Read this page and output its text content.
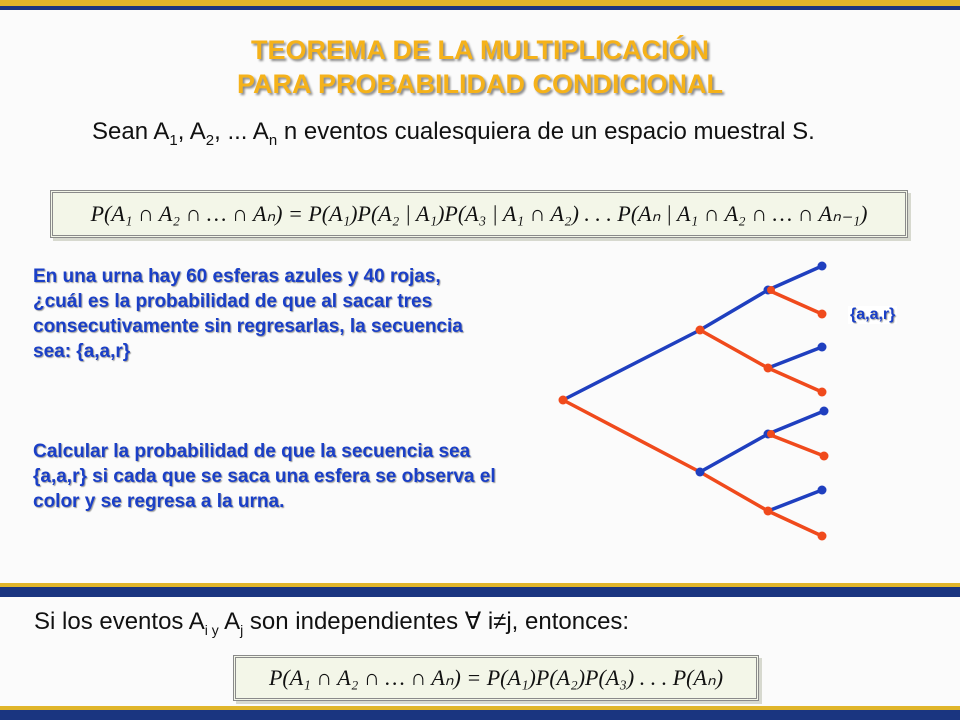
TEOREMA DE LA MULTIPLICACIÓN
PARA PROBABILIDAD CONDICIONAL
Sean $A_1$, $A_2$, ... $A_n$ n eventos cualesquiera de un espacio muestral S.
P(A₁ ∩ A₂ ∩ … ∩ Aₙ) = P(A₁)P(A₂ | A₁)P(A₃ | A₁ ∩ A₂) . . . P(Aₙ | A₁ ∩ A₂ ∩ … ∩ Aₙ₋₁)
En una urna hay 60 esferas azules y 40 rojas, ¿cuál es la probabilidad de que al sacar tres consecutivamente sin regresarlas, la secuencia sea: {a,a,r}
Calcular la probabilidad de que la secuencia sea {a,a,r} si cada que se saca una esfera se observa el color y se regresa a la urna.
{a,a,r}
Si los eventos $A_{i y}$ $A_j$ son independientes ∀ i≠j, entonces:
P(A₁ ∩ A₂ ∩ … ∩ Aₙ) = P(A₁)P(A₂)P(A₃) . . . P(Aₙ)
